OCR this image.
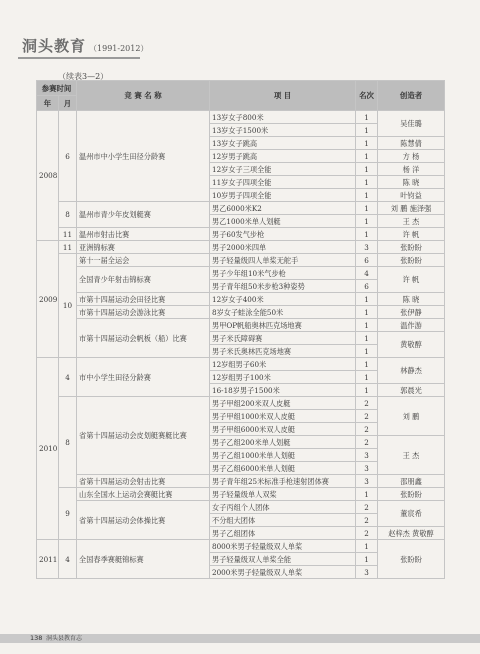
洞头教育 （1991-2012）
（续表3—2）
参赛时间		竞 赛 名 称	项 目	名次	创造者
年	月				
2008	6	温州市中小学生田径分龄赛	13岁女子800米	1	吴佳璐
			13岁女子1500米	1	
			13岁女子跳高	1	陈慧倩
			12岁男子跳高	1	方 杨
			12岁女子三项全能	1	杨 洋
			11岁女子四项全能	1	陈 晓
			10岁男子四项全能	1	叶钧益
	8	温州市青少年皮划艇赛	男乙6000米K2	1	刘 鹏 施泽强
			男乙1000米单人划艇	1	王 杰
	11	温州市射击比赛	男子60发气步枪	1	许 帆
2009	11	亚洲锦标赛	男子2000米四单	3	张盼盼
	10	第十一届全运会	男子轻量级四人单桨无舵手	6	张盼盼
		全国青少年射击锦标赛	男子少年组10米气步枪	4	许 帆
			男子青年组50米步枪3种姿势	6	
		市第十四届运动会田径比赛	12岁女子400米	1	陈 晓
		市第十四届运动会游泳比赛	8岁女子蛙泳全能50米	1	张伊静
		市第十四届运动会帆板（船）比赛	男甲OP帆船奥林匹克场地赛	1	温作游
			男子米氏障碍赛	1	黄敬醇
			男子米氏奥林匹克场地赛	1	
2010	4	市中小学生田径分龄赛	12岁组男子60米	1	林静杰
			12岁组男子100米	1	
			16-18岁男子1500米	1	郭晨光
	8	省第十四届运动会皮划艇赛艇比赛	男子甲组200米双人皮艇	2	刘 鹏
			男子甲组1000米双人皮艇	2	
			男子甲组6000米双人皮艇	2	
			男子乙组200米单人划艇	2	王 杰
			男子乙组1000米单人划艇	3	
			男子乙组6000米单人划艇	3	
		省第十四届运动会射击比赛	男子青年组25米标准手枪速射团体赛	3	邵朋鑫
	9	山东全国水上运动会赛艇比赛	男子轻量级单人双桨	1	张盼盼
		省第十四届运动会体操比赛	女子丙组个人团体	2	董宸希
			不分组大团体	2	
			男子乙组团体	2	赵梓杰 黄敬醇
2011	4	全国春季赛艇锦标赛	8000米男子轻量级双人单桨	1	张盼盼
			男子轻量级双人单桨全能	1	
			2000米男子轻量级双人单桨	3	
138 洞头县教育志
